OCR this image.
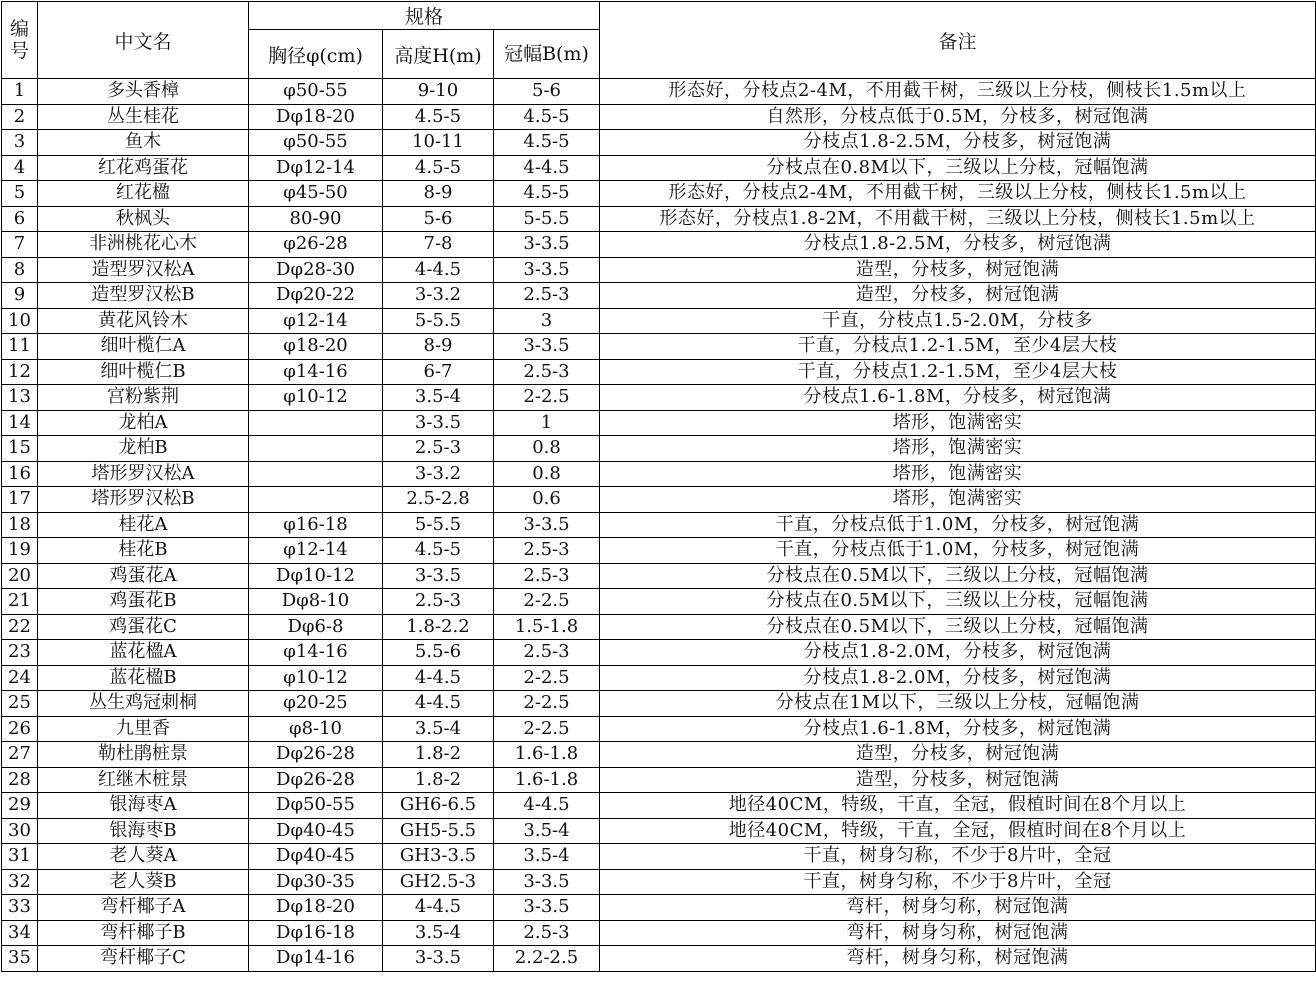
编号	中文名	规格			备注
		胸径φ(cm)	高度H(m)	冠幅B(m)	
1	多头香樟	φ50-55	9-10	5-6	形态好，分枝点2-4M，不用截干树，三级以上分枝，侧枝长1.5m以上
2	丛生桂花	Dφ18-20	4.5-5	4.5-5	自然形，分枝点低于0.5M，分枝多，树冠饱满
3	鱼木	φ50-55	10-11	4.5-5	分枝点1.8-2.5M，分枝多，树冠饱满
4	红花鸡蛋花	Dφ12-14	4.5-5	4-4.5	分枝点在0.8M以下，三级以上分枝，冠幅饱满
5	红花楹	φ45-50	8-9	4.5-5	形态好，分枝点2-4M，不用截干树，三级以上分枝，侧枝长1.5m以上
6	秋枫头	80-90	5-6	5-5.5	形态好，分枝点1.8-2M，不用截干树，三级以上分枝，侧枝长1.5m以上
7	非洲桃花心木	φ26-28	7-8	3-3.5	分枝点1.8-2.5M，分枝多，树冠饱满
8	造型罗汉松A	Dφ28-30	4-4.5	3-3.5	造型，分枝多，树冠饱满
9	造型罗汉松B	Dφ20-22	3-3.2	2.5-3	造型，分枝多，树冠饱满
10	黄花风铃木	φ12-14	5-5.5	3	干直，分枝点1.5-2.0M，分枝多
11	细叶榄仁A	φ18-20	8-9	3-3.5	干直，分枝点1.2-1.5M，至少4层大枝
12	细叶榄仁B	φ14-16	6-7	2.5-3	干直，分枝点1.2-1.5M，至少4层大枝
13	宫粉紫荆	φ10-12	3.5-4	2-2.5	分枝点1.6-1.8M，分枝多，树冠饱满
14	龙柏A		3-3.5	1	塔形，饱满密实
15	龙柏B		2.5-3	0.8	塔形，饱满密实
16	塔形罗汉松A		3-3.2	0.8	塔形，饱满密实
17	塔形罗汉松B		2.5-2.8	0.6	塔形，饱满密实
18	桂花A	φ16-18	5-5.5	3-3.5	干直，分枝点低于1.0M，分枝多，树冠饱满
19	桂花B	φ12-14	4.5-5	2.5-3	干直，分枝点低于1.0M，分枝多，树冠饱满
20	鸡蛋花A	Dφ10-12	3-3.5	2.5-3	分枝点在0.5M以下，三级以上分枝，冠幅饱满
21	鸡蛋花B	Dφ8-10	2.5-3	2-2.5	分枝点在0.5M以下，三级以上分枝，冠幅饱满
22	鸡蛋花C	Dφ6-8	1.8-2.2	1.5-1.8	分枝点在0.5M以下，三级以上分枝，冠幅饱满
23	蓝花楹A	φ14-16	5.5-6	2.5-3	分枝点1.8-2.0M，分枝多，树冠饱满
24	蓝花楹B	φ10-12	4-4.5	2-2.5	分枝点1.8-2.0M，分枝多，树冠饱满
25	丛生鸡冠刺桐	φ20-25	4-4.5	2-2.5	分枝点在1M以下，三级以上分枝，冠幅饱满
26	九里香	φ8-10	3.5-4	2-2.5	分枝点1.6-1.8M，分枝多，树冠饱满
27	勒杜鹃桩景	Dφ26-28	1.8-2	1.6-1.8	造型，分枝多，树冠饱满
28	红继木桩景	Dφ26-28	1.8-2	1.6-1.8	造型，分枝多，树冠饱满
29	银海枣A	Dφ50-55	GH6-6.5	4-4.5	地径40CM，特级，干直，全冠，假植时间在8个月以上
30	银海枣B	Dφ40-45	GH5-5.5	3.5-4	地径40CM，特级，干直，全冠，假植时间在8个月以上
31	老人葵A	Dφ40-45	GH3-3.5	3.5-4	干直，树身匀称，不少于8片叶，全冠
32	老人葵B	Dφ30-35	GH2.5-3	3-3.5	干直，树身匀称，不少于8片叶，全冠
33	弯杆椰子A	Dφ18-20	4-4.5	3-3.5	弯杆，树身匀称，树冠饱满
34	弯杆椰子B	Dφ16-18	3.5-4	2.5-3	弯杆，树身匀称，树冠饱满
35	弯杆椰子C	Dφ14-16	3-3.5	2.2-2.5	弯杆，树身匀称，树冠饱满
